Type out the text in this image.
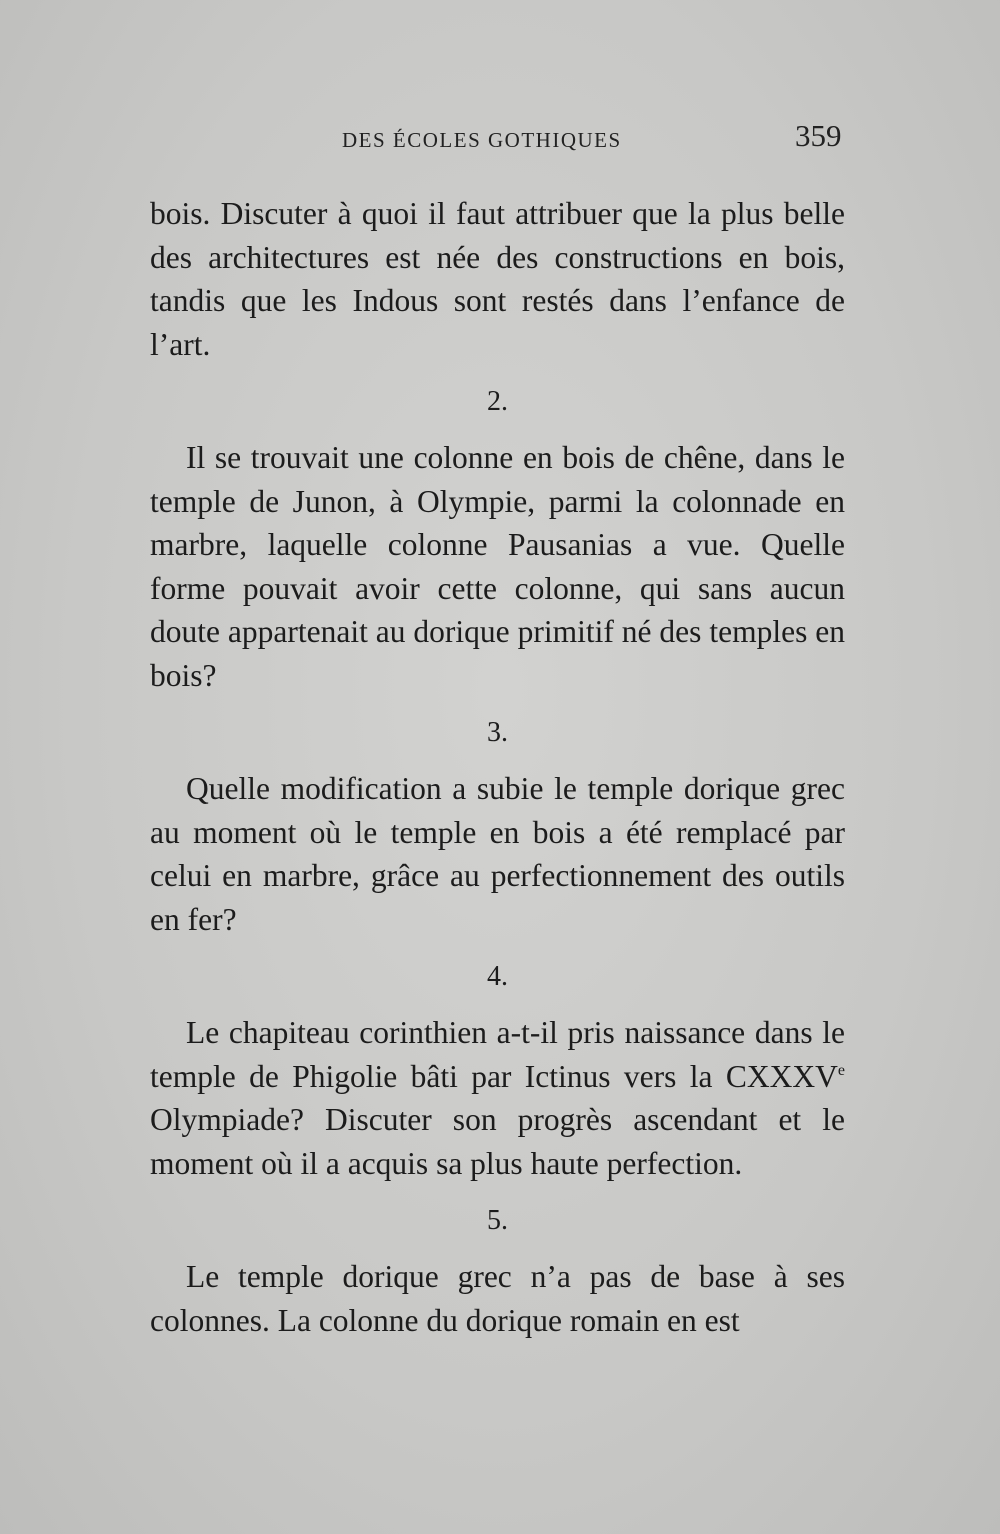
DES ÉCOLES GOTHIQUES	359

bois. Discuter à quoi il faut attribuer que la plus belle des architectures est née des constructions en bois, tandis que les Indous sont restés dans l’enfance de l’art.

2.

Il se trouvait une colonne en bois de chêne, dans le temple de Junon, à Olympie, parmi la colonnade en marbre, laquelle colonne Pausanias a vue. Quelle forme pouvait avoir cette colonne, qui sans aucun doute appartenait au dorique primitif né des temples en bois?

3.

Quelle modification a subie le temple dorique grec au moment où le temple en bois a été remplacé par celui en marbre, grâce au perfectionnement des outils en fer?

4.

Le chapiteau corinthien a-t-il pris naissance dans le temple de Phigolie bâti par Ictinus vers la CXXXVe Olympiade? Discuter son progrès ascendant et le moment où il a acquis sa plus haute perfection.

5.

Le temple dorique grec n’a pas de base à ses colonnes. La colonne du dorique romain en est
